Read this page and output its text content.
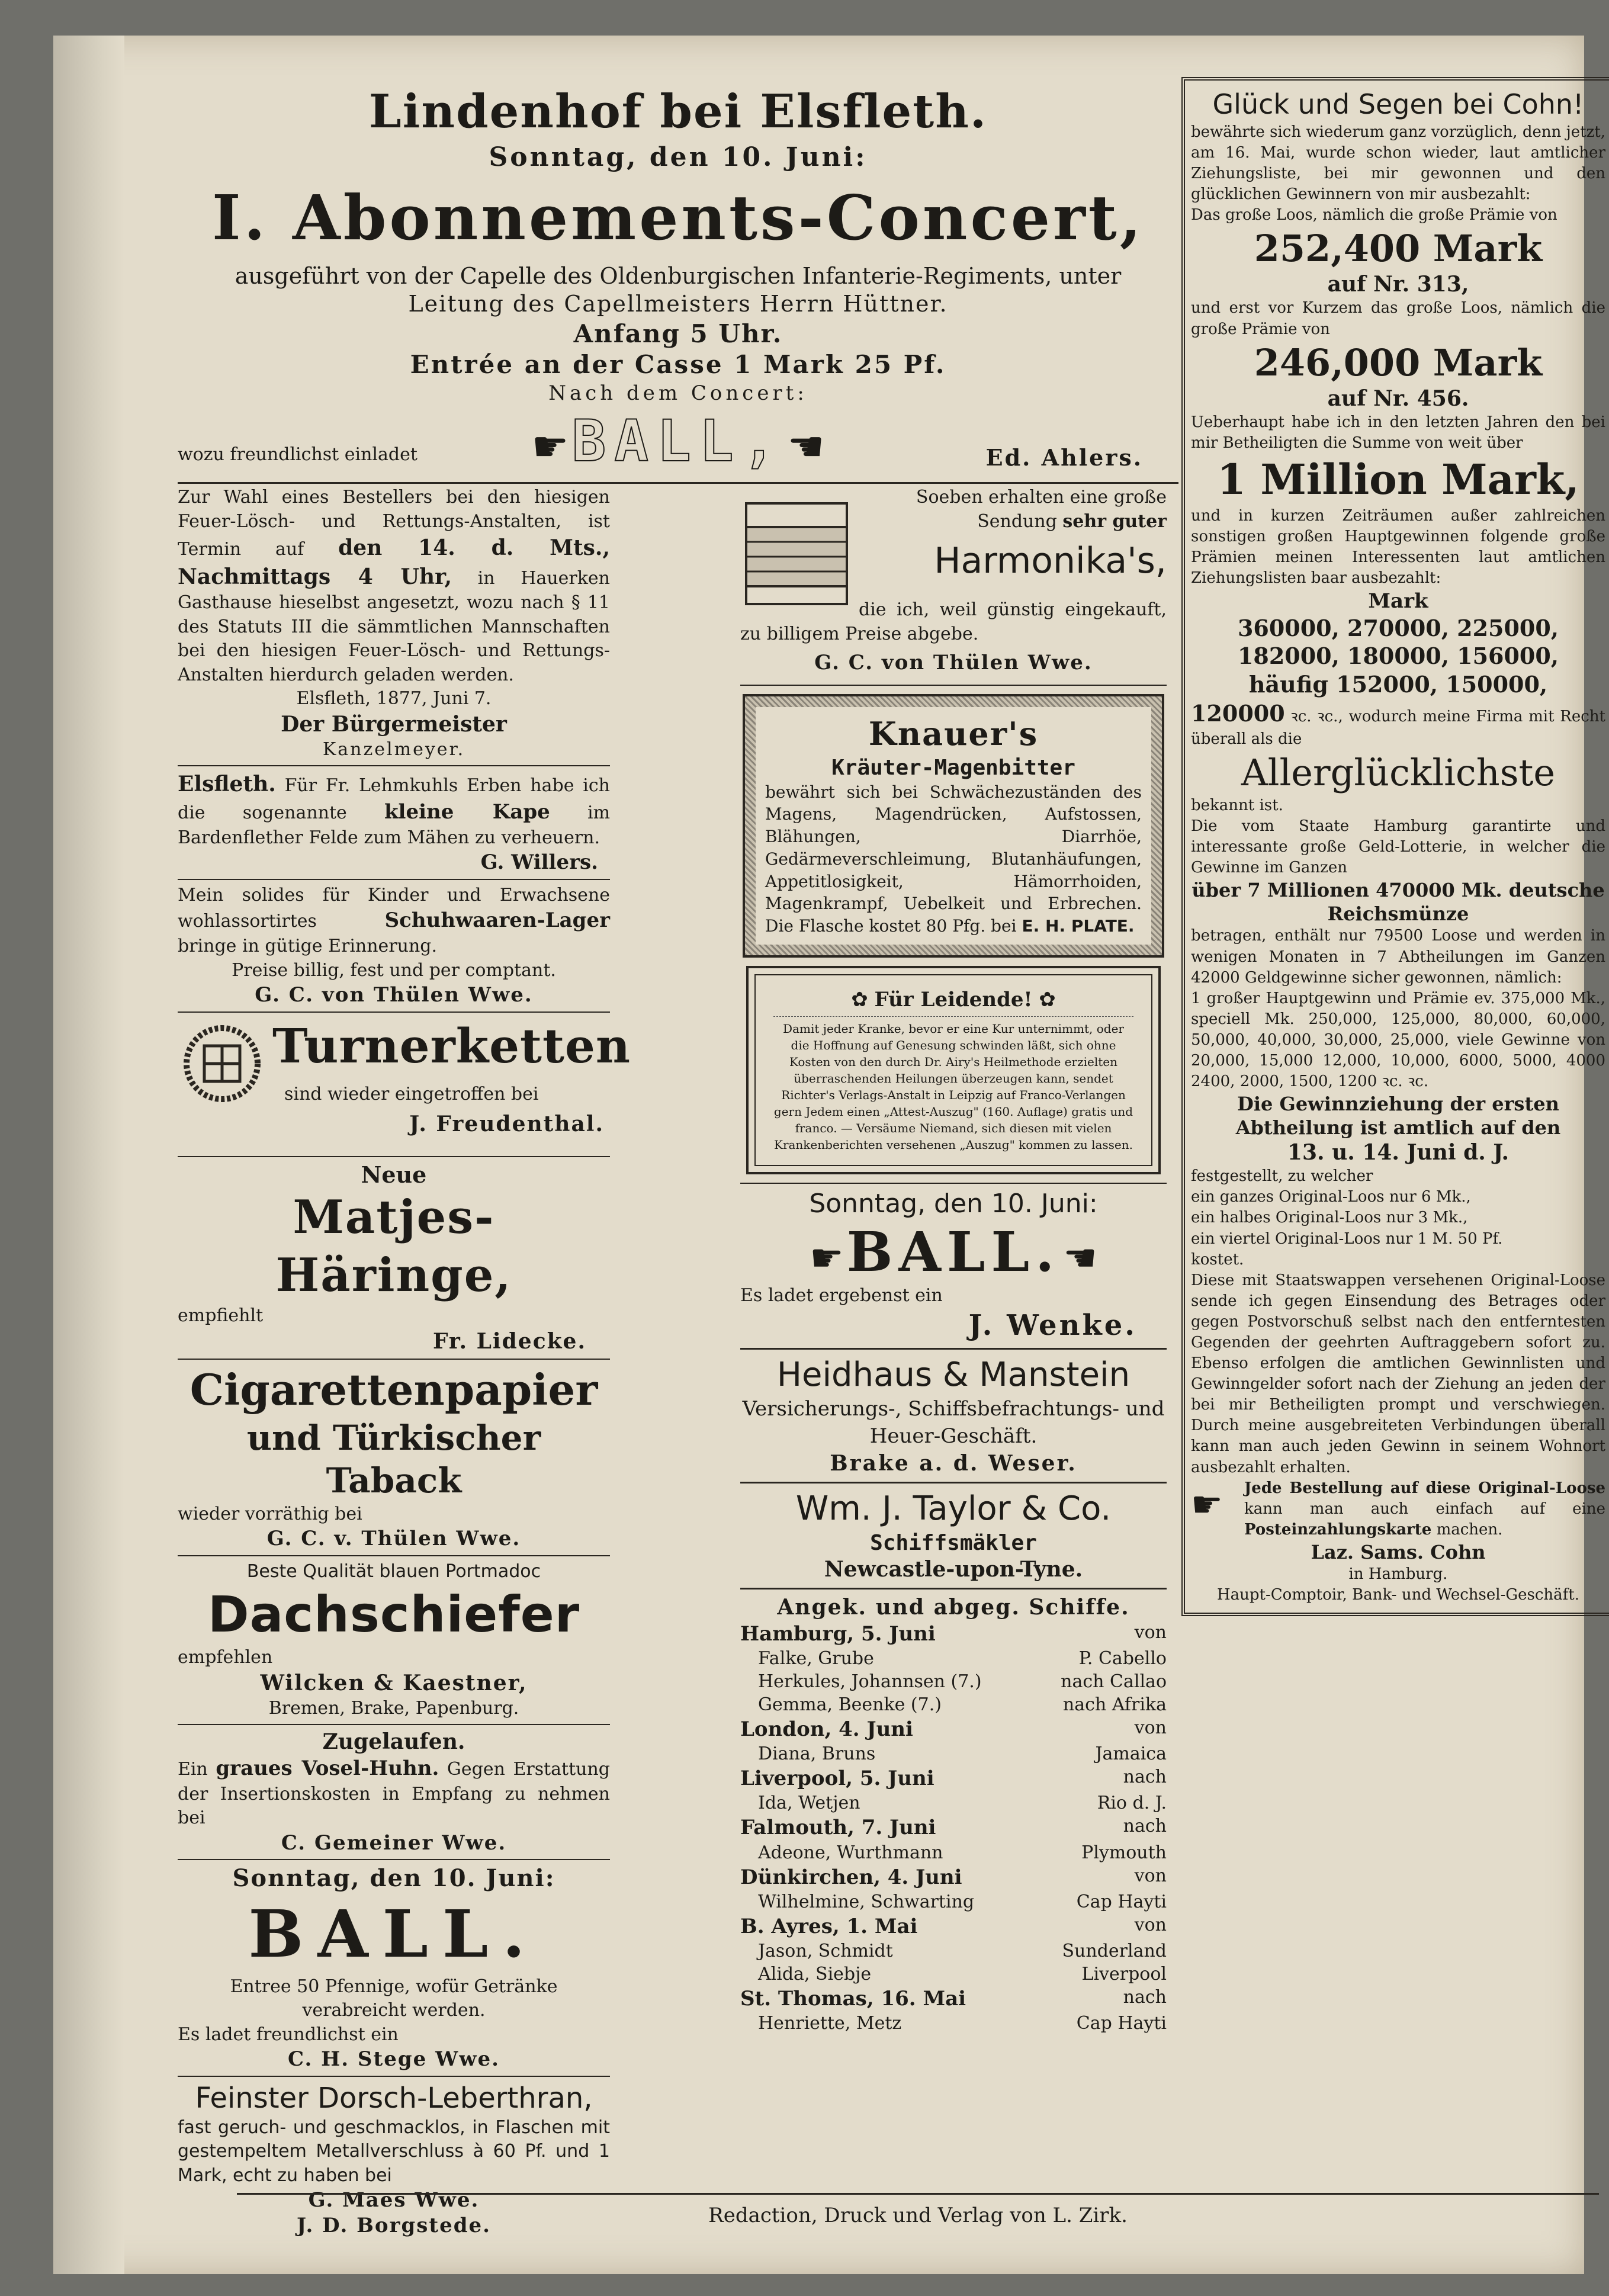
Lindenhof bei Elsfleth.

Sonntag, den 10. Juni:

I. Abonnements-Concert,

ausgeführt von der Capelle des Oldenburgischen Infanterie-Regiments, unter

Leitung des Capellmeisters Herrn Hüttner.

Anfang 5 Uhr.

Entrée an der Casse 1 Mark 25 Pf.

Nach dem Concert:

☛ BALL, ☚
wozu freundlichst einladet	Ed. Ahlers.

Zur Wahl eines Bestellers bei den hiesigen Feuer-Lösch- und Rettungs-Anstalten, ist Termin auf den 14. d. Mts., Nachmittags 4 Uhr, in Hauerken Gasthause hieselbst angesetzt, wozu nach § 11 des Statuts III die sämmtlichen Mannschaften bei den hiesigen Feuer-Lösch- und Rettungs-Anstalten hierdurch geladen werden.

Elsfleth, 1877, Juni 7.

Der Bürgermeister

Kanzelmeyer.

Elsfleth. Für Fr. Lehmkuhls Erben habe ich die sogenannte kleine Kape im Bardenflether Felde zum Mähen zu verheuern.

G. Willers.

Mein solides für Kinder und Erwachsene wohlassortirtes	Schuhwaaren-Lager bringe in gütige Erinnerung.

Preise billig, fest und per comptant.

G. C. von Thülen Wwe.

Turnerketten

sind wieder eingetroffen bei

J. Freudenthal.

Neue

Matjes-Häringe,

empfiehlt

Fr. Lidecke.

Cigarettenpapier

und Türkischer Taback

wieder vorräthig bei

G. C. v. Thülen Wwe.

Beste Qualität blauen Portmadoc

Dachschiefer

empfehlen

Wilcken & Kaestner,

Bremen, Brake, Papenburg.

Zugelaufen.

Ein graues Vosel-Huhn. Gegen Erstattung der Insertionskosten in Empfang zu nehmen bei

C. Gemeiner Wwe.

Sonntag, den 10. Juni:

BALL.

Entree 50 Pfennige, wofür Getränke verabreicht werden.

Es ladet freundlichst ein

C. H. Stege Wwe.

Feinster Dorsch-Leberthran,

fast geruch- und geschmacklos, in Flaschen mit gestempeltem Metallverschluss à 60 Pf. und 1 Mark, echt zu haben bei

G. Maes Wwe.

J. D. Borgstede.

Soeben erhalten eine große Sendung sehr guter

Harmonika's,

die ich, weil günstig eingekauft, zu billigem Preise abgebe.

G. C. von Thülen Wwe.

Knauer's

Kräuter-Magenbitter

bewährt sich bei Schwächezuständen des Magens, Magendrücken, Aufstossen, Blähungen, Diarrhöe, Gedärmeverschleimung, Blutanhäufungen, Appetitlosigkeit, Hämorrhoiden, Magenkrampf, Uebelkeit und Erbrechen. Die Flasche kostet 80 Pfg. bei E. H. PLATE.

✿ Für Leidende! ✿

Damit jeder Kranke, bevor er eine Kur unternimmt, oder die Hoffnung auf Genesung schwinden läßt, sich ohne Kosten von den durch Dr. Airy's Heilmethode erzielten überraschenden Heilungen überzeugen kann, sendet Richter's Verlags-Anstalt in Leipzig auf Franco-Verlangen gern Jedem einen „Attest-Auszug" (160. Auflage) gratis und franco. — Versäume Niemand, sich diesen mit vielen Krankenberichten versehenen „Auszug" kommen zu lassen.

Sonntag, den 10. Juni:

☛ BALL. ☚

Es ladet ergebenst ein

J. Wenke.

Heidhaus & Manstein

Versicherungs-, Schiffsbefrachtungs- und Heuer-Geschäft.

Brake a. d. Weser.

Wm. J. Taylor & Co.

Schiffsmäkler

Newcastle-upon-Tyne.

Angek. und abgeg. Schiffe.

Hamburg, 5. Juni	von
Falke, Grube	P. Cabello
Herkules, Johannsen (7.)	nach Callao
Gemma, Beenke (7.)	nach Afrika
London, 4. Juni	von
Diana, Bruns	Jamaica
Liverpool, 5. Juni	nach
Ida, Wetjen	Rio d. J.
Falmouth, 7. Juni	nach
Adeone, Wurthmann	Plymouth
Dünkirchen, 4. Juni	von
Wilhelmine, Schwarting	Cap Hayti
B. Ayres, 1. Mai	von
Jason, Schmidt	Sunderland
Alida, Siebje	Liverpool
St. Thomas, 16. Mai	nach
Henriette, Metz	Cap Hayti

Glück und Segen bei Cohn!

bewährte sich wiederum ganz vorzüglich, denn jetzt, am 16. Mai, wurde schon wieder, laut amtlicher Ziehungsliste, bei mir gewonnen und den glücklichen Gewinnern von mir ausbezahlt:

Das große Loos, nämlich die große Prämie von

252,400 Mark

auf Nr. 313,

und erst vor Kurzem das große Loos, nämlich die große Prämie von

246,000 Mark

auf Nr. 456.

Ueberhaupt habe ich in den letzten Jahren den bei mir Betheiligten die Summe von weit über

1 Million Mark,

und in kurzen Zeiträumen außer zahlreichen sonstigen großen Hauptgewinnen folgende große Prämien meinen Interessenten laut amtlichen Ziehungslisten baar ausbezahlt:

Mark

360000, 270000, 225000,

182000, 180000, 156000,

häufig 152000, 150000,

120000 ꝛc. ꝛc., wodurch meine Firma mit Recht überall als die

Allerglücklichste

bekannt ist.

Die vom Staate Hamburg garantirte und interessante große Geld-Lotterie, in welcher die Gewinne im Ganzen

über 7 Millionen 470000 Mk. deutsche Reichsmünze

betragen, enthält nur 79500 Loose und werden in wenigen Monaten in 7 Abtheilungen im Ganzen 42000 Geldgewinne sicher gewonnen, nämlich:

1 großer Hauptgewinn und Prämie ev. 375,000 Mk., speciell Mk. 250,000, 125,000, 80,000, 60,000, 50,000, 40,000, 30,000, 25,000, viele Gewinne von 20,000, 15,000 12,000, 10,000, 6000, 5000, 4000 2400, 2000, 1500, 1200 ꝛc. ꝛc.

Die Gewinnziehung der ersten Abtheilung ist amtlich auf den

13. u. 14. Juni d. J.

festgestellt, zu welcher

ein ganzes Original-Loos nur 6 Mk.,

ein halbes Original-Loos nur 3 Mk.,

ein viertel Original-Loos nur 1 M. 50 Pf.

kostet.

Diese mit Staatswappen versehenen Original-Loose sende ich gegen Einsendung des Betrages oder gegen Postvorschuß selbst nach den entferntesten Gegenden der geehrten Auftraggebern sofort zu. Ebenso erfolgen die amtlichen Gewinnlisten und Gewinngelder sofort nach der Ziehung an jeden der bei mir Betheiligten prompt und verschwiegen. Durch meine ausgebreiteten Verbindungen überall kann man auch jeden Gewinn in seinem Wohnort ausbezahlt erhalten.

☛ Jede Bestellung auf diese Original-Loose kann man auch einfach auf eine Posteinzahlungskarte machen.

Laz. Sams. Cohn

in Hamburg.

Haupt-Comptoir, Bank- und Wechsel-Geschäft.

Redaction, Druck und Verlag von L. Zirk.
